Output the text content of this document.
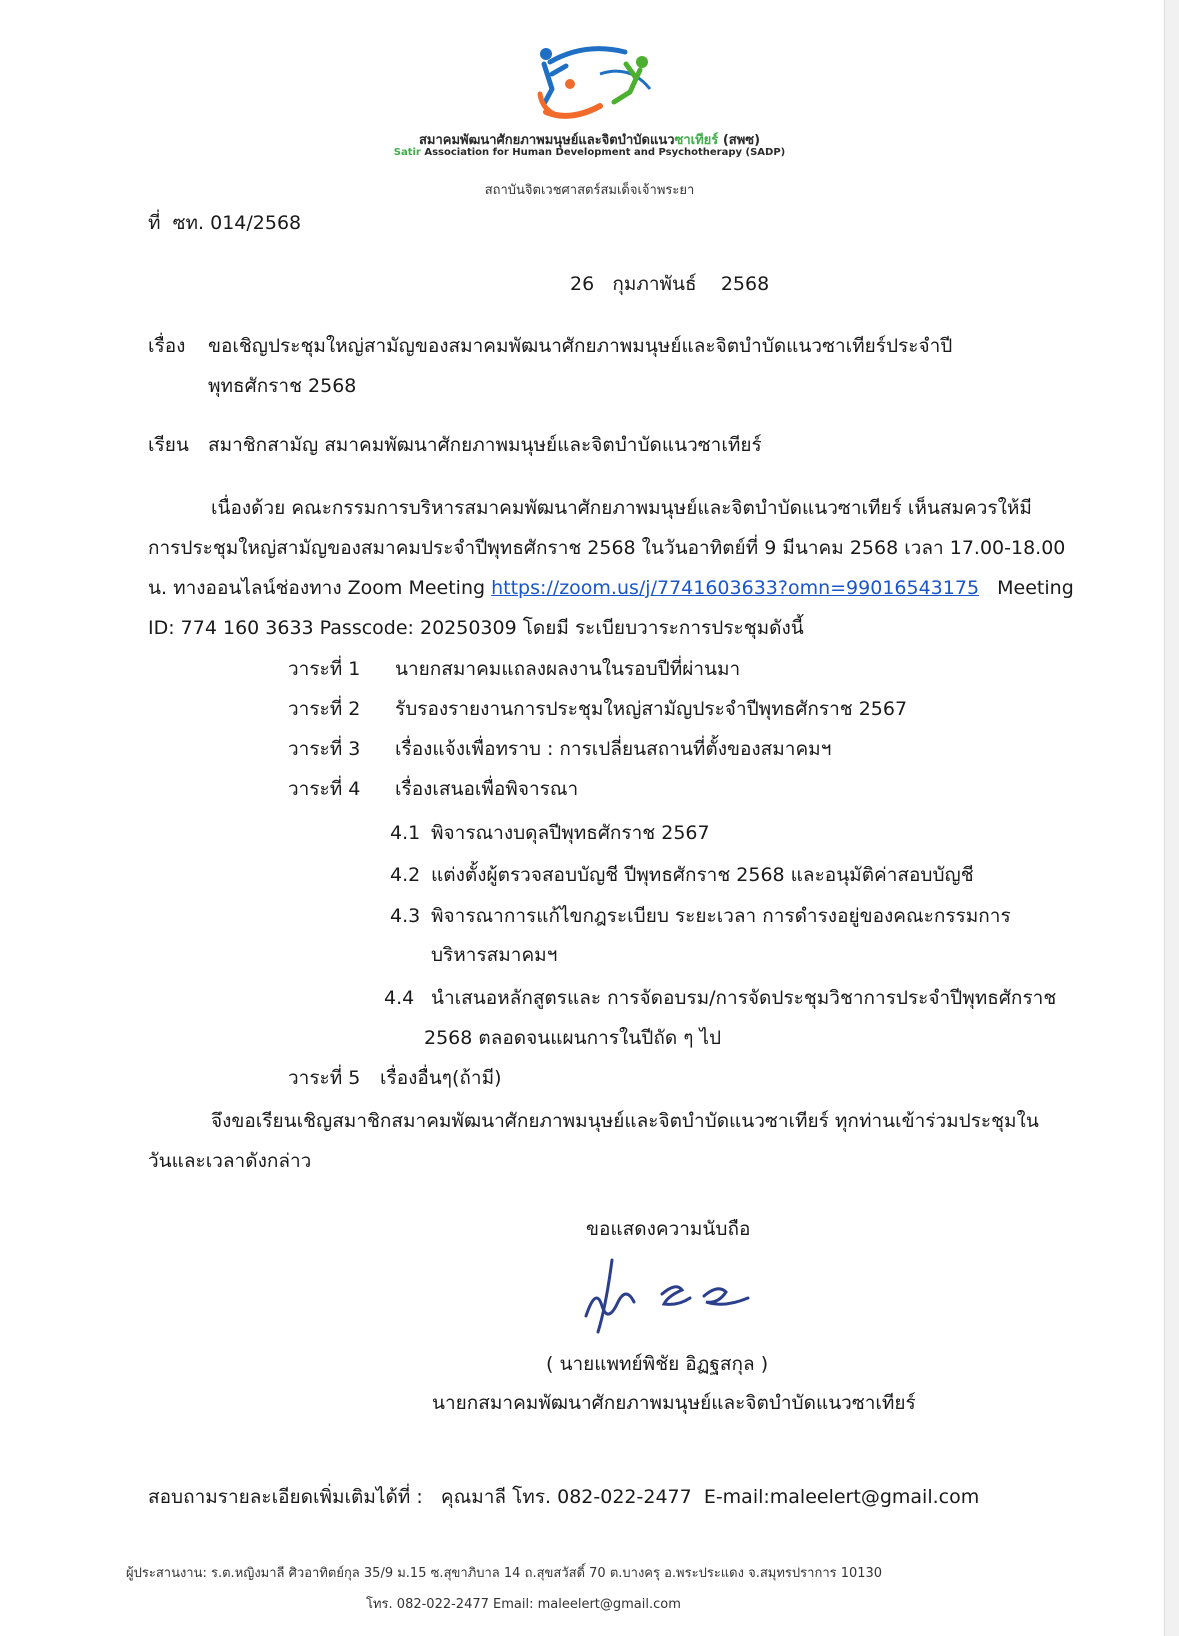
สมาคมพัฒนาศักยภาพมนุษย์และจิตบำบัดแนวซาเทียร์ (สพซ)
Satir Association for Human Development and Psychotherapy (SADP)
สถาบันจิตเวชศาสตร์สมเด็จเจ้าพระยา
ที่ ซท. 014/2568
26 กุมภาพันธ์ 2568
เรื่อง ขอเชิญประชุมใหญ่สามัญของสมาคมพัฒนาศักยภาพมนุษย์และจิตบำบัดแนวซาเทียร์ประจำปี
พุทธศักราช 2568
เรียน สมาชิกสามัญ สมาคมพัฒนาศักยภาพมนุษย์และจิตบำบัดแนวซาเทียร์
เนื่องด้วย คณะกรรมการบริหารสมาคมพัฒนาศักยภาพมนุษย์และจิตบำบัดแนวซาเทียร์ เห็นสมควรให้มี
การประชุมใหญ่สามัญของสมาคมประจำปีพุทธศักราช 2568 ในวันอาทิตย์ที่ 9 มีนาคม 2568 เวลา 17.00-18.00
น. ทางออนไลน์ช่องทาง Zoom Meeting https://zoom.us/j/7741603633?omn=99016543175 Meeting
ID: 774 160 3633 Passcode: 20250309 โดยมี ระเบียบวาระการประชุมดังนี้
วาระที่ 1 นายกสมาคมแถลงผลงานในรอบปีที่ผ่านมา
วาระที่ 2 รับรองรายงานการประชุมใหญ่สามัญประจำปีพุทธศักราช 2567
วาระที่ 3 เรื่องแจ้งเพื่อทราบ : การเปลี่ยนสถานที่ตั้งของสมาคมฯ
วาระที่ 4 เรื่องเสนอเพื่อพิจารณา
4.1 พิจารณางบดุลปีพุทธศักราช 2567
4.2 แต่งตั้งผู้ตรวจสอบบัญชี ปีพุทธศักราช 2568 และอนุมัติค่าสอบบัญชี
4.3 พิจารณาการแก้ไขกฎระเบียบ ระยะเวลา การดำรงอยู่ของคณะกรรมการ
บริหารสมาคมฯ
4.4 นำเสนอหลักสูตรและ การจัดอบรม/การจัดประชุมวิชาการประจำปีพุทธศักราช
2568 ตลอดจนแผนการในปีถัด ๆ ไป
วาระที่ 5 เรื่องอื่นๆ(ถ้ามี)
จึงขอเรียนเชิญสมาชิกสมาคมพัฒนาศักยภาพมนุษย์และจิตบำบัดแนวซาเทียร์ ทุกท่านเข้าร่วมประชุมใน
วันและเวลาดังกล่าว
ขอแสดงความนับถือ
( นายแพทย์พิชัย อิฏฐสกุล )
นายกสมาคมพัฒนาศักยภาพมนุษย์และจิตบำบัดแนวซาเทียร์
สอบถามรายละเอียดเพิ่มเติมได้ที่ : คุณมาลี โทร. 082-022-2477 E-mail:maleelert@gmail.com
ผู้ประสานงาน: ร.ต.หญิงมาลี ศิวอาทิตย์กุล 35/9 ม.15 ซ.สุขาภิบาล 14 ถ.สุขสวัสดิ์ 70 ต.บางครุ อ.พระประแดง จ.สมุทรปราการ 10130
โทร. 082-022-2477 Email: maleelert@gmail.com
